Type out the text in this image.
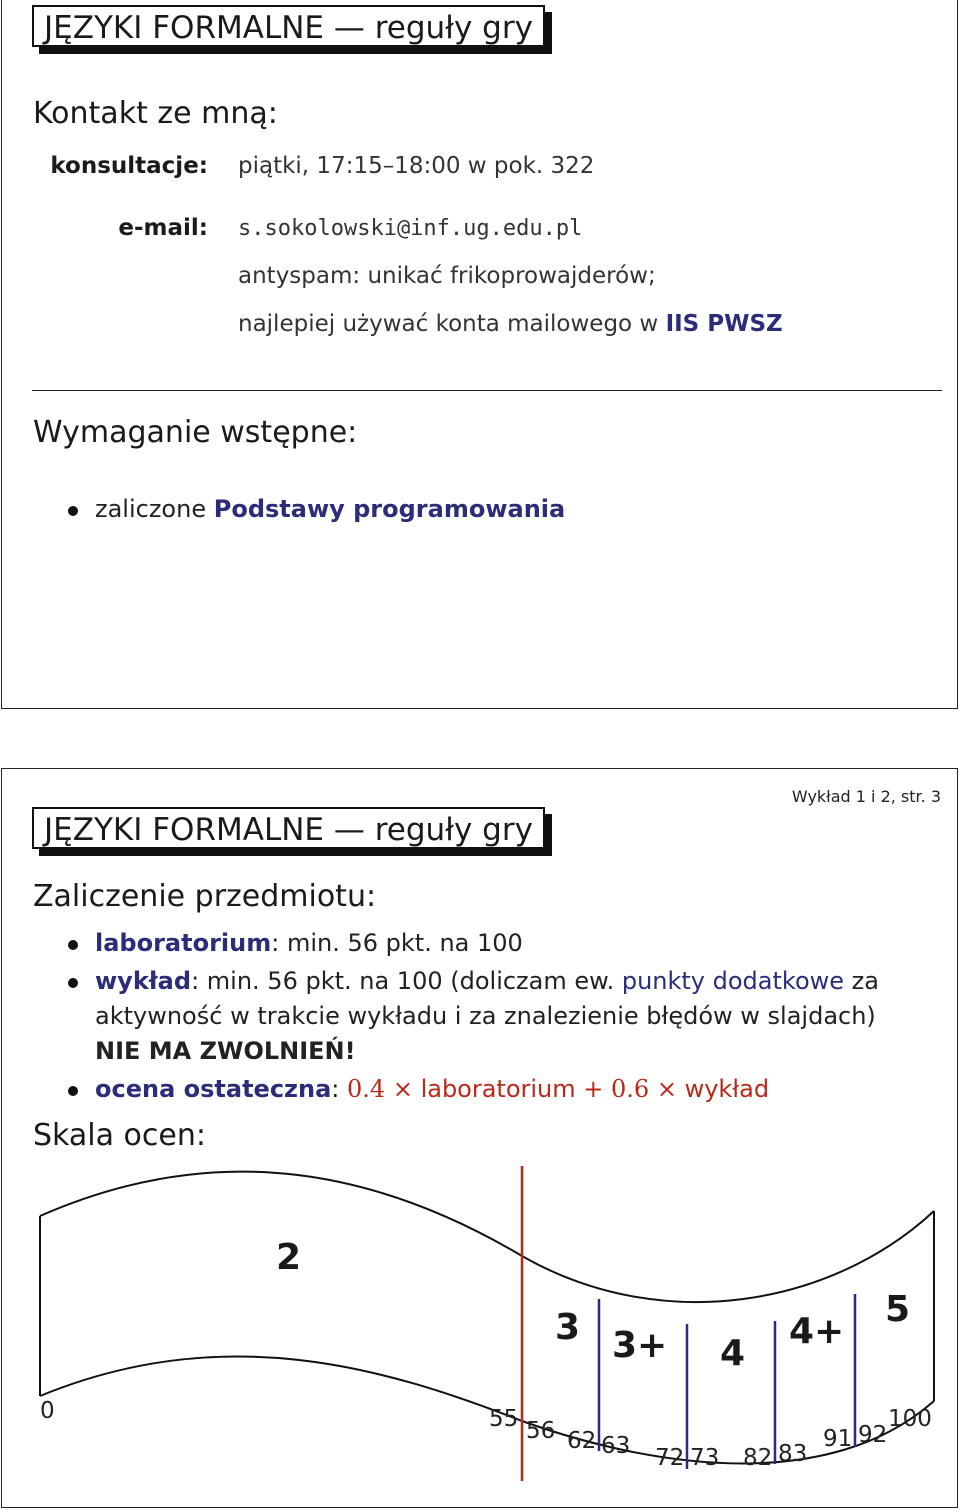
JĘZYKI FORMALNE — reguły gry
Kontakt ze mną:
konsultacje: piątki, 17:15–18:00 w pok. 322
e-mail: s.sokolowski@inf.ug.edu.pl
antyspam: unikać frikoprowajderów;
najlepiej używać konta mailowego w IIS PWSZ
Wymaganie wstępne:
zaliczone Podstawy programowania
Wykład 1 i 2, str. 3
JĘZYKI FORMALNE — reguły gry
Zaliczenie przedmiotu:
laboratorium: min. 56 pkt. na 100
wykład: min. 56 pkt. na 100 (doliczam ew. punkty dodatkowe za aktywność w trakcie wykładu i za znalezienie błędów w slajdach)
NIE MA ZWOLNIEŃ!
ocena ostateczna: 0.4 × laboratorium + 0.6 × wykład
Skala ocen:
2
3 3+ 4
4+
5
0	55 56 62 63 72 73 82 83
91 92
100
